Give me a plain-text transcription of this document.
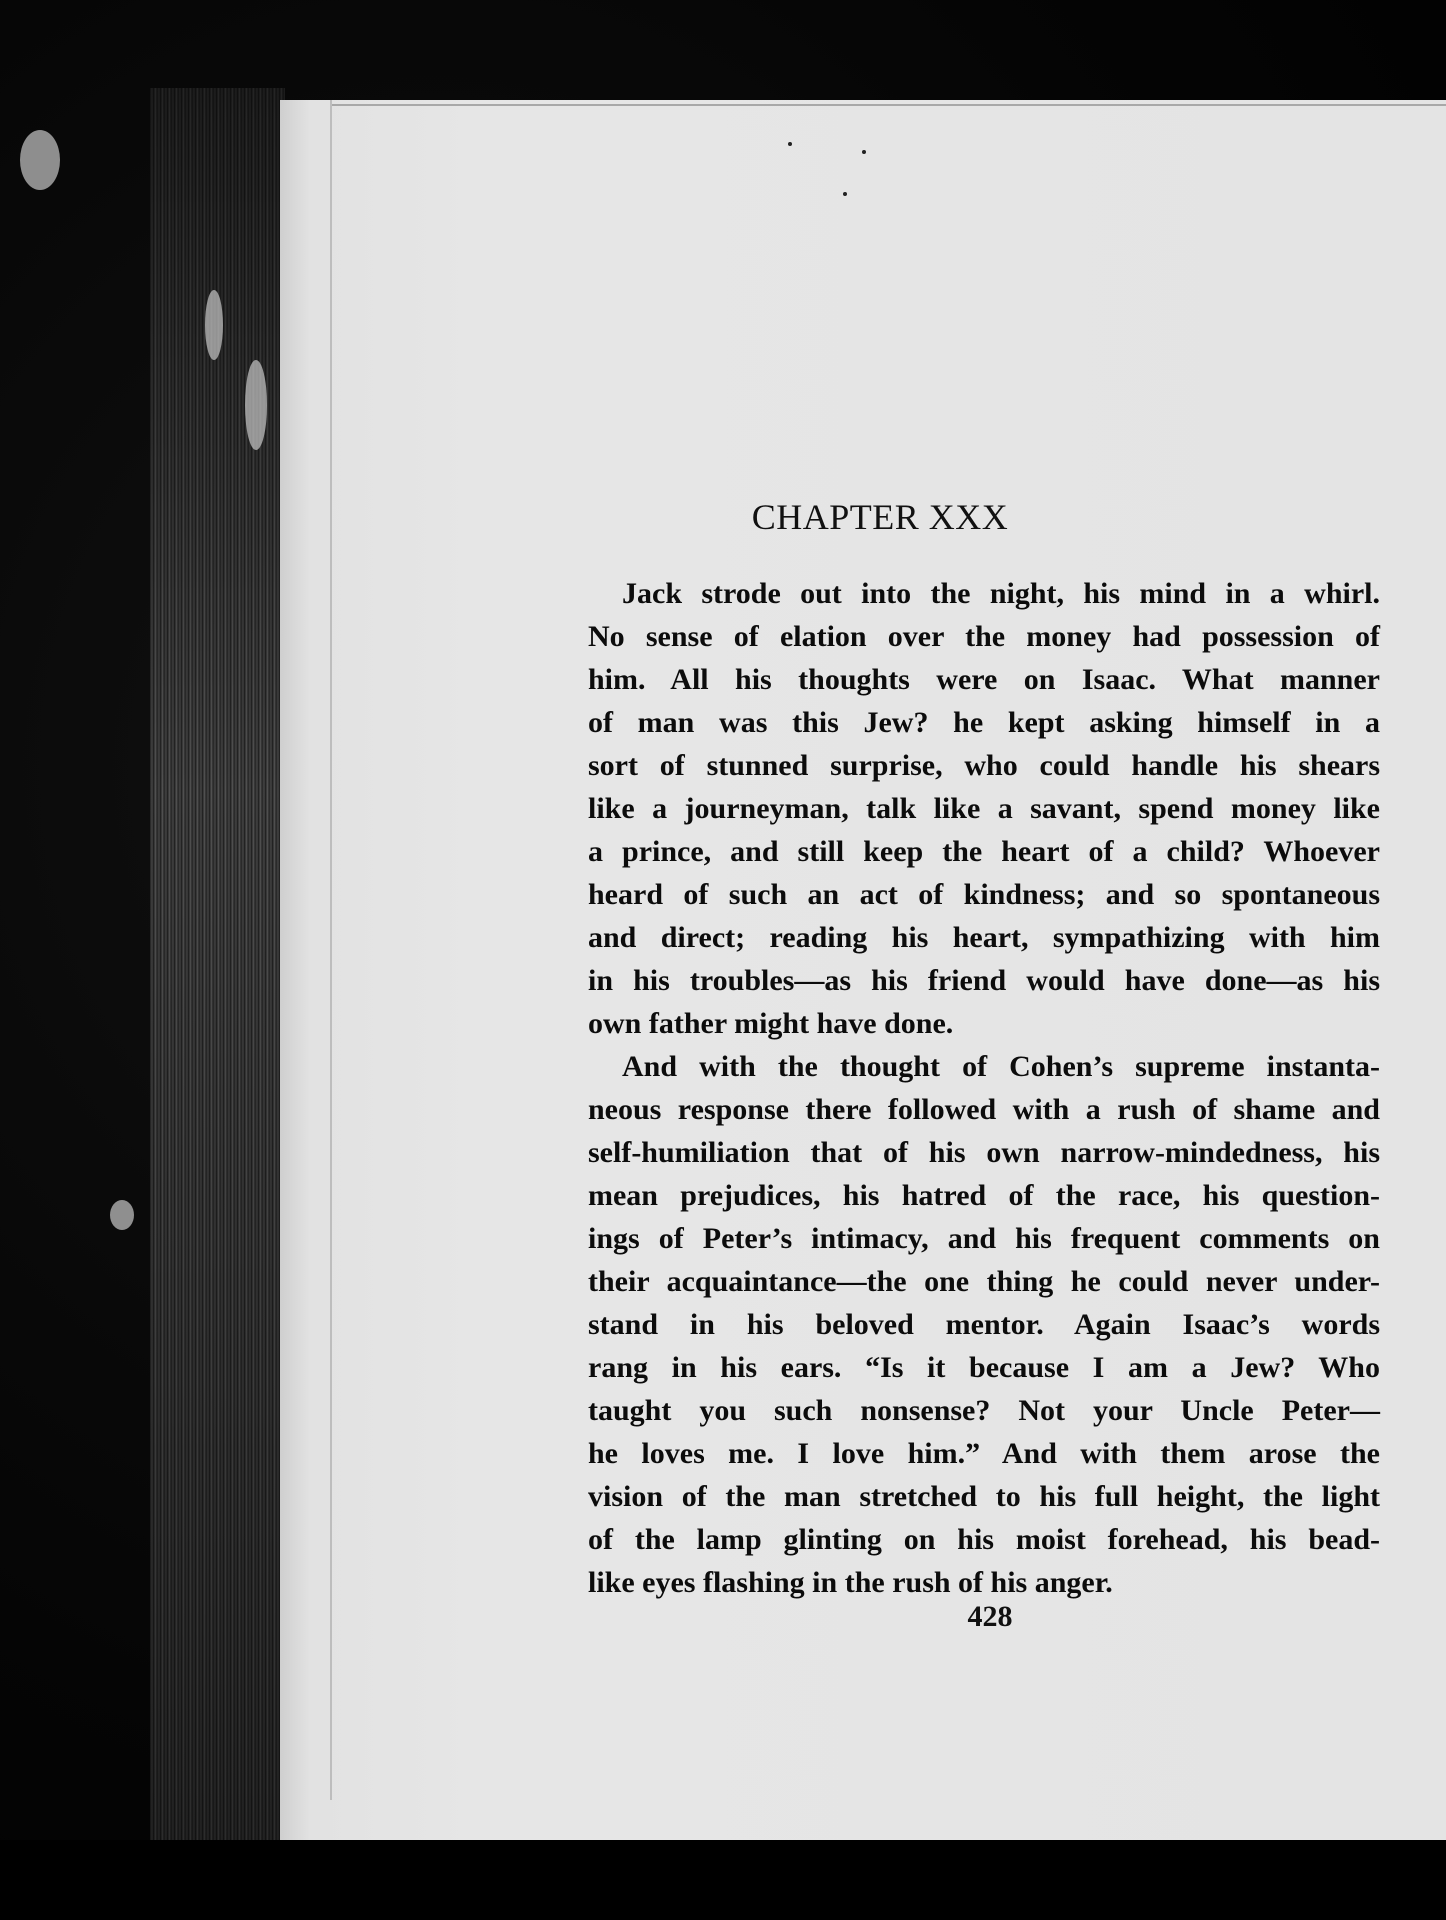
CHAPTER XXX
Jack strode out into the night, his mind in a whirl.
No sense of elation over the money had possession of
him. All his thoughts were on Isaac. What manner
of man was this Jew? he kept asking himself in a
sort of stunned surprise, who could handle his shears
like a journeyman, talk like a savant, spend money like
a prince, and still keep the heart of a child? Whoever
heard of such an act of kindness; and so spontaneous
and direct; reading his heart, sympathizing with him
in his troubles—as his friend would have done—as his
own father might have done.
And with the thought of Cohen’s supreme instanta-
neous response there followed with a rush of shame and
self-humiliation that of his own narrow-mindedness, his
mean prejudices, his hatred of the race, his question-
ings of Peter’s intimacy, and his frequent comments on
their acquaintance—the one thing he could never under-
stand in his beloved mentor. Again Isaac’s words
rang in his ears. “Is it because I am a Jew? Who
taught you such nonsense? Not your Uncle Peter—
he loves me. I love him.” And with them arose the
vision of the man stretched to his full height, the light
of the lamp glinting on his moist forehead, his bead-
like eyes flashing in the rush of his anger.
428
